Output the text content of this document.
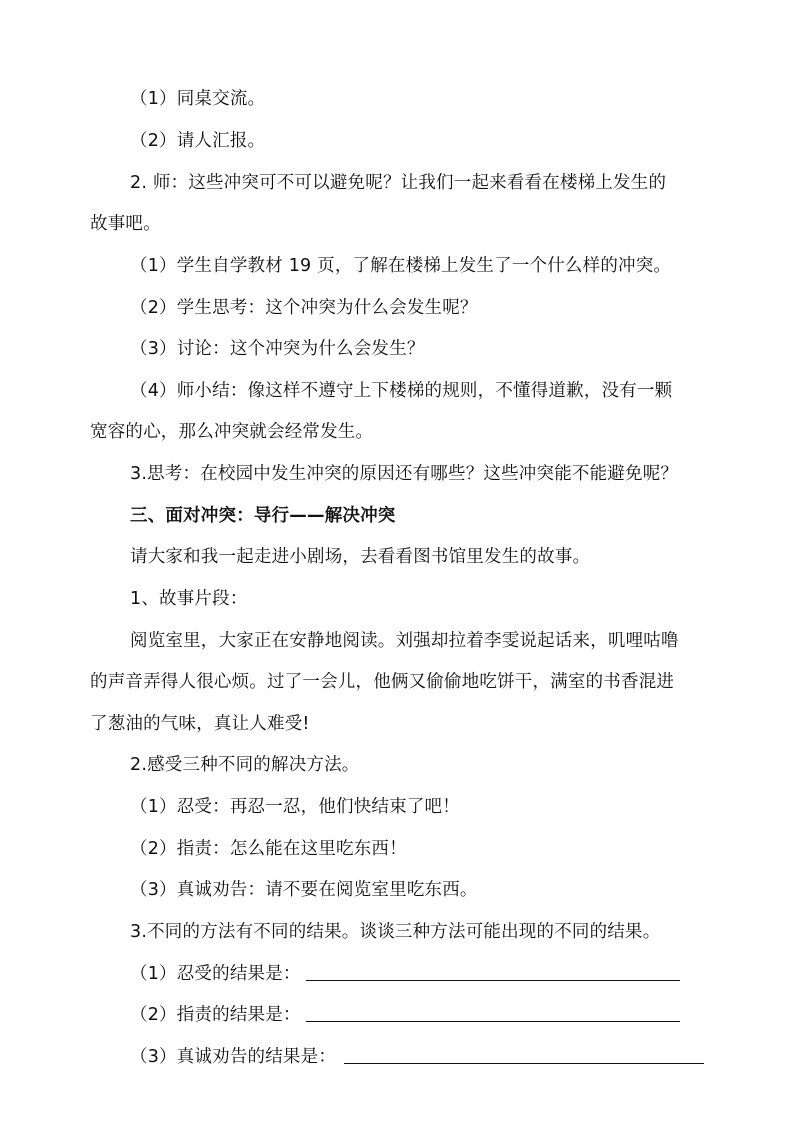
（1）同桌交流。
（2）请人汇报。
2. 师：这些冲突可不可以避免呢？让我们一起来看看在楼梯上发生的
故事吧。
（1）学生自学教材 19 页，了解在楼梯上发生了一个什么样的冲突。
（2）学生思考：这个冲突为什么会发生呢？
（3）讨论：这个冲突为什么会发生？
（4）师小结：像这样不遵守上下楼梯的规则，不懂得道歉，没有一颗
宽容的心，那么冲突就会经常发生。
3.思考：在校园中发生冲突的原因还有哪些？这些冲突能不能避免呢？
三、面对冲突：导行——解决冲突
请大家和我一起走进小剧场，去看看图书馆里发生的故事。
1、故事片段：
阅览室里，大家正在安静地阅读。刘强却拉着李雯说起话来，叽哩咕噜
的声音弄得人很心烦。过了一会儿，他俩又偷偷地吃饼干，满室的书香混进
了葱油的气味，真让人难受!
2.感受三种不同的解决方法。
（1）忍受：再忍一忍，他们快结束了吧！
（2）指责：怎么能在这里吃东西！
（3）真诚劝告：请不要在阅览室里吃东西。
3.不同的方法有不同的结果。谈谈三种方法可能出现的不同的结果。
（1）忍受的结果是：
（2）指责的结果是：
（3）真诚劝告的结果是：
